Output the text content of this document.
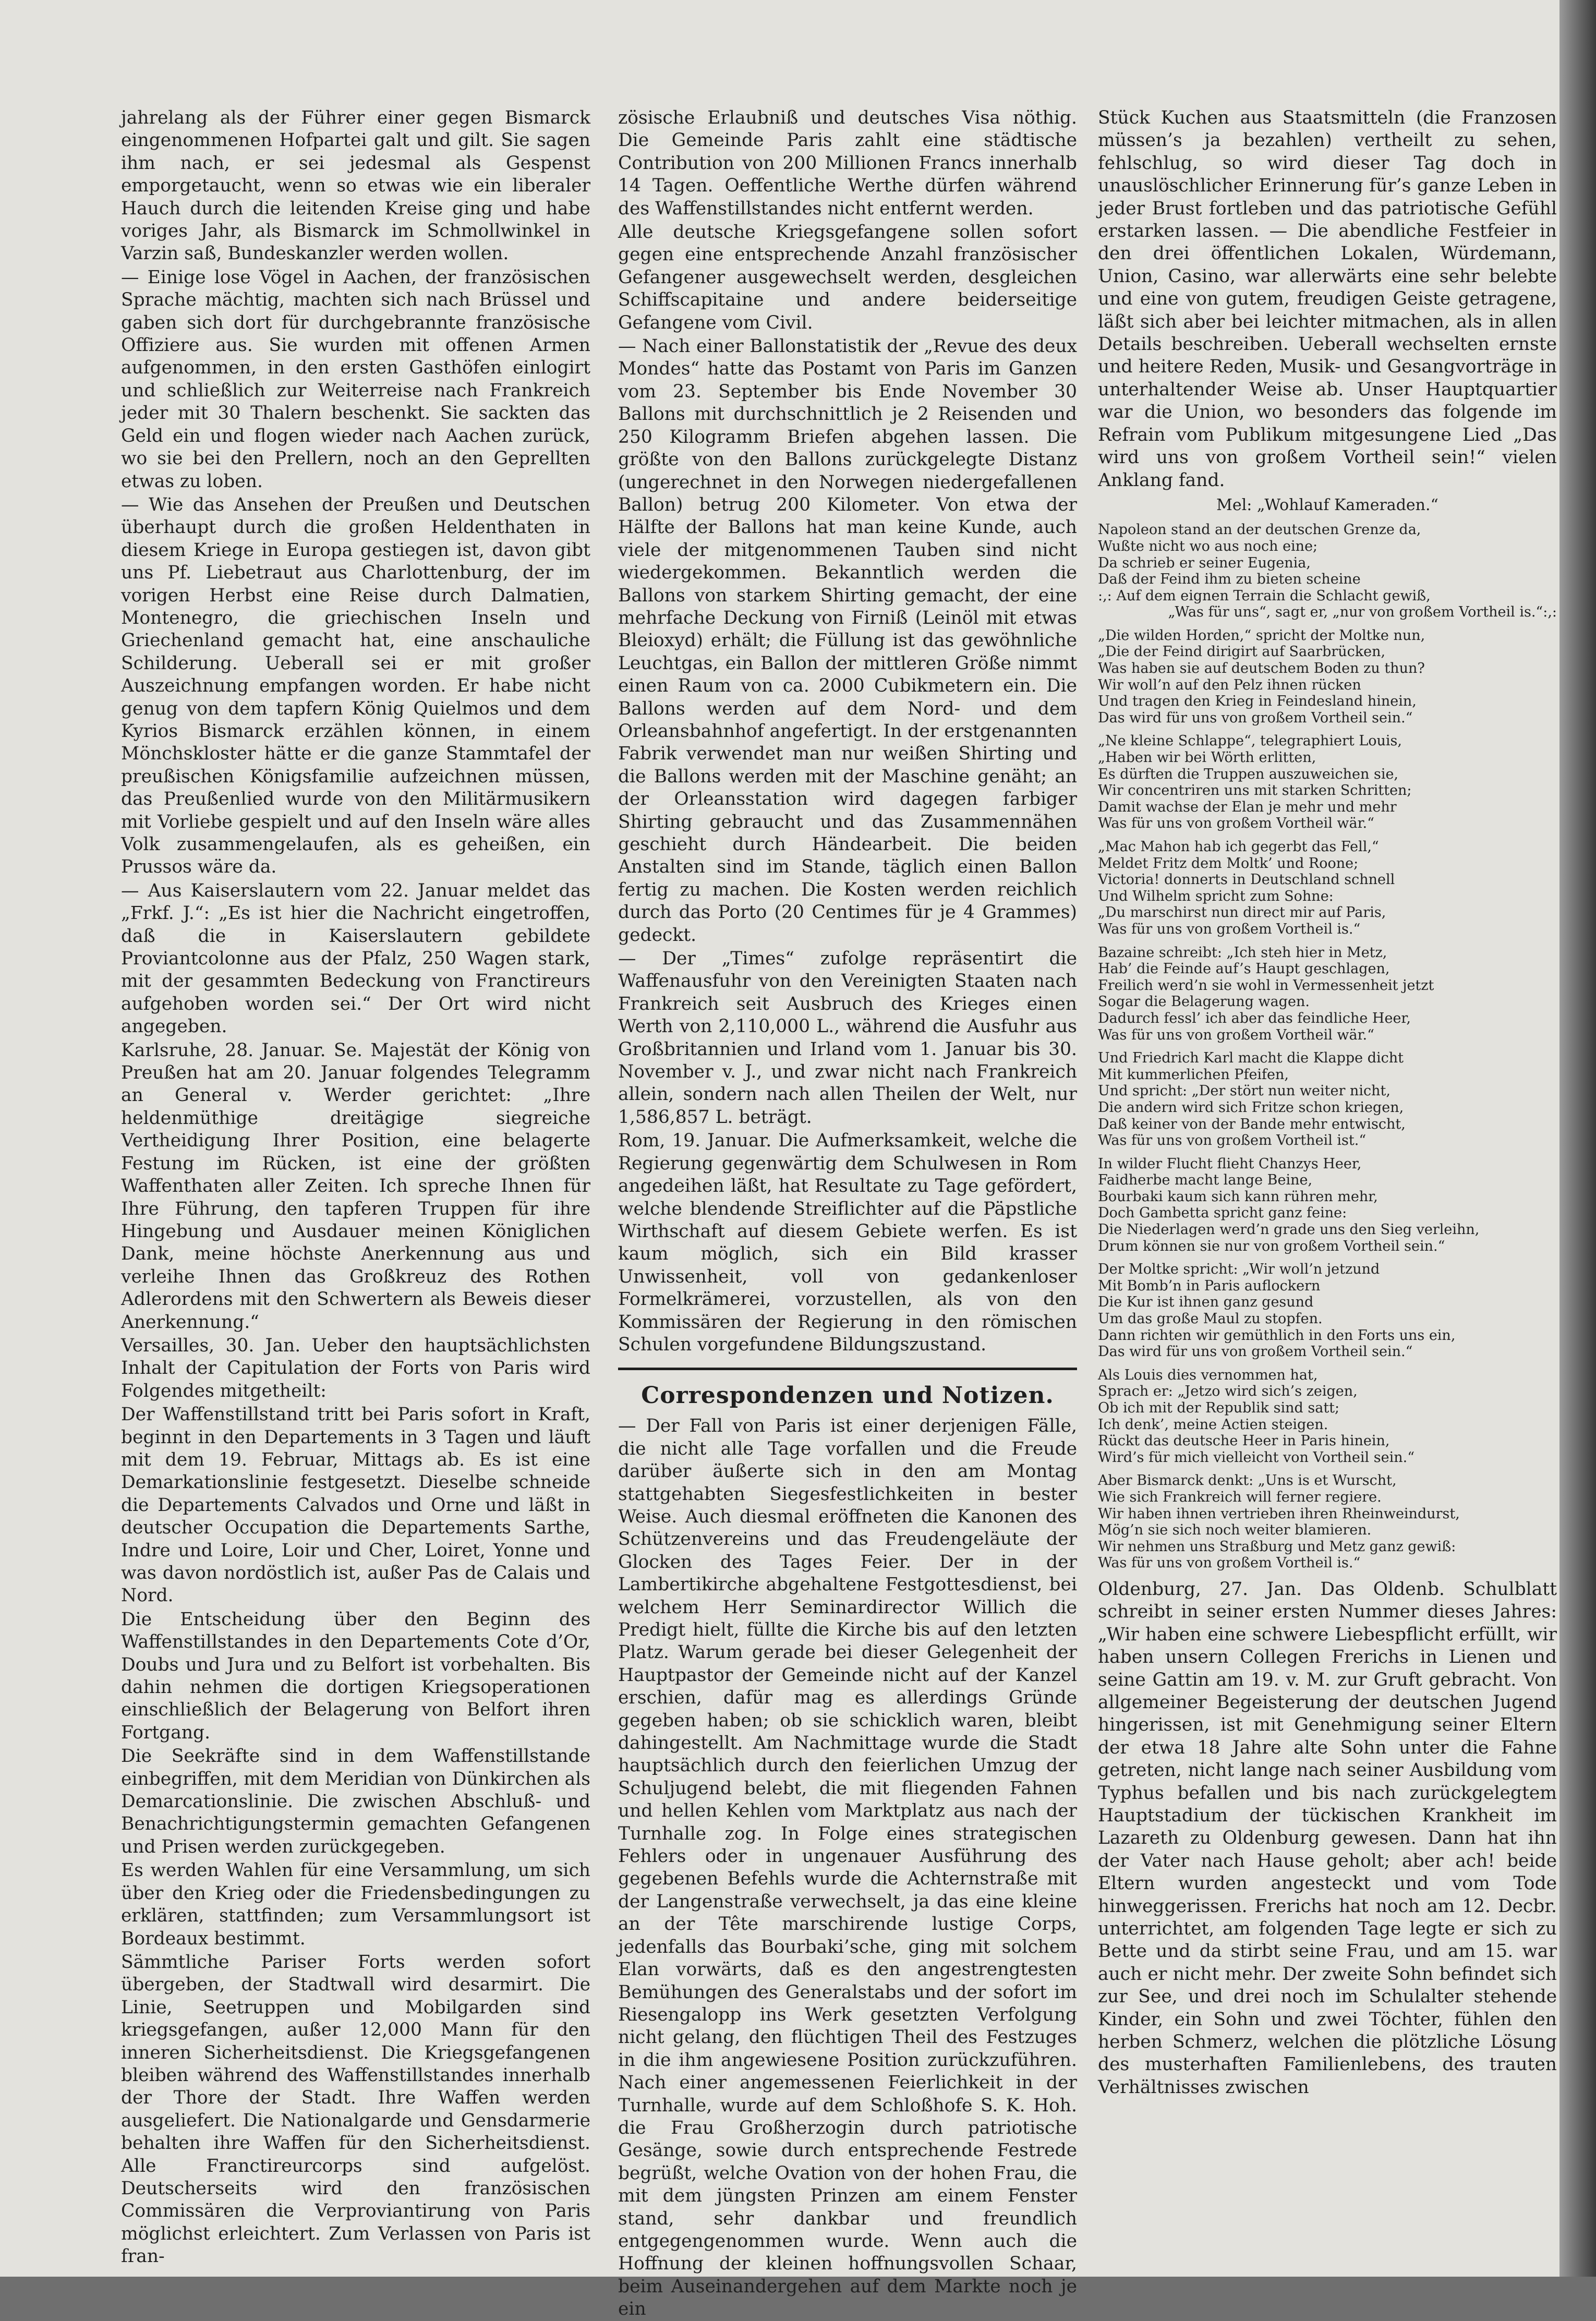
jahrelang als der Führer einer gegen Bismarck eingenommenen Hofpartei galt und gilt. Sie sagen ihm nach, er sei jedesmal als Gespenst emporgetaucht, wenn so etwas wie ein liberaler Hauch durch die leitenden Kreise ging und habe voriges Jahr, als Bismarck im Schmollwinkel in Varzin saß, Bundeskanzler werden wollen.

— Einige lose Vögel in Aachen, der französischen Sprache mächtig, machten sich nach Brüssel und gaben sich dort für durchgebrannte französische Offiziere aus. Sie wurden mit offenen Armen aufgenommen, in den ersten Gasthöfen einlogirt und schließlich zur Weiterreise nach Frankreich jeder mit 30 Thalern beschenkt. Sie sackten das Geld ein und flogen wieder nach Aachen zurück, wo sie bei den Prellern, noch an den Geprellten etwas zu loben.

— Wie das Ansehen der Preußen und Deutschen überhaupt durch die großen Heldenthaten in diesem Kriege in Europa gestiegen ist, davon gibt uns Pf. Liebetraut aus Charlottenburg, der im vorigen Herbst eine Reise durch Dalmatien, Montenegro, die griechischen Inseln und Griechenland gemacht hat, eine anschauliche Schilderung. Ueberall sei er mit großer Auszeichnung empfangen worden. Er habe nicht genug von dem tapfern König Quielmos und dem Kyrios Bismarck erzählen können, in einem Mönchskloster hätte er die ganze Stammtafel der preußischen Königsfamilie aufzeichnen müssen, das Preußenlied wurde von den Militärmusikern mit Vorliebe gespielt und auf den Inseln wäre alles Volk zusammengelaufen, als es geheißen, ein Prussos wäre da.

— Aus Kaiserslautern vom 22. Januar meldet das „Frkf. J.“: „Es ist hier die Nachricht eingetroffen, daß die in Kaiserslautern gebildete Proviantcolonne aus der Pfalz, 250 Wagen stark, mit der gesammten Bedeckung von Franctireurs aufgehoben worden sei.“ Der Ort wird nicht angegeben.

Karlsruhe, 28. Januar. Se. Majestät der König von Preußen hat am 20. Januar folgendes Telegramm an General v. Werder gerichtet: „Ihre heldenmüthige dreitägige siegreiche Vertheidigung Ihrer Position, eine belagerte Festung im Rücken, ist eine der größten Waffenthaten aller Zeiten. Ich spreche Ihnen für Ihre Führung, den tapferen Truppen für ihre Hingebung und Ausdauer meinen Königlichen Dank, meine höchste Anerkennung aus und verleihe Ihnen das Großkreuz des Rothen Adlerordens mit den Schwertern als Beweis dieser Anerkennung.“

Versailles, 30. Jan. Ueber den hauptsächlichsten Inhalt der Capitulation der Forts von Paris wird Folgendes mitgetheilt:

Der Waffenstillstand tritt bei Paris sofort in Kraft, beginnt in den Departements in 3 Tagen und läuft mit dem 19. Februar, Mittags ab. Es ist eine Demarkationslinie festgesetzt. Dieselbe schneide die Departements Calvados und Orne und läßt in deutscher Occupation die Departements Sarthe, Indre und Loire, Loir und Cher, Loiret, Yonne und was davon nordöstlich ist, außer Pas de Calais und Nord.

Die Entscheidung über den Beginn des Waffenstillstandes in den Departements Cote d’Or, Doubs und Jura und zu Belfort ist vorbehalten. Bis dahin nehmen die dortigen Kriegsoperationen einschließlich der Belagerung von Belfort ihren Fortgang.

Die Seekräfte sind in dem Waffenstillstande einbegriffen, mit dem Meridian von Dünkirchen als Demarcationslinie. Die zwischen Abschluß- und Benachrichtigungstermin gemachten Gefangenen und Prisen werden zurückgegeben.

Es werden Wahlen für eine Versammlung, um sich über den Krieg oder die Friedensbedingungen zu erklären, stattfinden; zum Versammlungsort ist Bordeaux bestimmt.

Sämmtliche Pariser Forts werden sofort übergeben, der Stadtwall wird desarmirt. Die Linie, Seetruppen und Mobilgarden sind kriegsgefangen, außer 12,000 Mann für den inneren Sicherheitsdienst. Die Kriegsgefangenen bleiben während des Waffenstillstandes innerhalb der Thore der Stadt. Ihre Waffen werden ausgeliefert. Die Nationalgarde und Gensdarmerie behalten ihre Waffen für den Sicherheitsdienst. Alle Franctireurcorps sind aufgelöst. Deutscherseits wird den französischen Commissären die Verproviantirung von Paris möglichst erleichtert. Zum Verlassen von Paris ist fran-

zösische Erlaubniß und deutsches Visa nöthig. Die Gemeinde Paris zahlt eine städtische Contribution von 200 Millionen Francs innerhalb 14 Tagen. Oeffentliche Werthe dürfen während des Waffenstillstandes nicht entfernt werden.

Alle deutsche Kriegsgefangene sollen sofort gegen eine entsprechende Anzahl französischer Gefangener ausgewechselt werden, desgleichen Schiffscapitaine und andere beiderseitige Gefangene vom Civil.

— Nach einer Ballonstatistik der „Revue des deux Mondes“ hatte das Postamt von Paris im Ganzen vom 23. September bis Ende November 30 Ballons mit durchschnittlich je 2 Reisenden und 250 Kilogramm Briefen abgehen lassen. Die größte von den Ballons zurückgelegte Distanz (ungerechnet in den Norwegen niedergefallenen Ballon) betrug 200 Kilometer. Von etwa der Hälfte der Ballons hat man keine Kunde, auch viele der mitgenommenen Tauben sind nicht wiedergekommen. Bekanntlich werden die Ballons von starkem Shirting gemacht, der eine mehrfache Deckung von Firniß (Leinöl mit etwas Bleioxyd) erhält; die Füllung ist das gewöhnliche Leuchtgas, ein Ballon der mittleren Größe nimmt einen Raum von ca. 2000 Cubikmetern ein. Die Ballons werden auf dem Nord- und dem Orleansbahnhof angefertigt. In der erstgenannten Fabrik verwendet man nur weißen Shirting und die Ballons werden mit der Maschine genäht; an der Orleansstation wird dagegen farbiger Shirting gebraucht und das Zusammennähen geschieht durch Händearbeit. Die beiden Anstalten sind im Stande, täglich einen Ballon fertig zu machen. Die Kosten werden reichlich durch das Porto (20 Centimes für je 4 Grammes) gedeckt.

— Der „Times“ zufolge repräsentirt die Waffenausfuhr von den Vereinigten Staaten nach Frankreich seit Ausbruch des Krieges einen Werth von 2,110,000 L., während die Ausfuhr aus Großbritannien und Irland vom 1. Januar bis 30. November v. J., und zwar nicht nach Frankreich allein, sondern nach allen Theilen der Welt, nur 1,586,857 L. beträgt.

Rom, 19. Januar. Die Aufmerksamkeit, welche die Regierung gegenwärtig dem Schulwesen in Rom angedeihen läßt, hat Resultate zu Tage gefördert, welche blendende Streiflichter auf die Päpstliche Wirthschaft auf diesem Gebiete werfen. Es ist kaum möglich, sich ein Bild krasser Unwissenheit, voll von gedankenloser Formelkrämerei, vorzustellen, als von den Kommissären der Regierung in den römischen Schulen vorgefundene Bildungszustand.

Correspondenzen und Notizen.

— Der Fall von Paris ist einer derjenigen Fälle, die nicht alle Tage vorfallen und die Freude darüber äußerte sich in den am Montag stattgehabten Siegesfestlichkeiten in bester Weise. Auch diesmal eröffneten die Kanonen des Schützenvereins und das Freudengeläute der Glocken des Tages Feier. Der in der Lambertikirche abgehaltene Festgottesdienst, bei welchem Herr Seminardirector Willich die Predigt hielt, füllte die Kirche bis auf den letzten Platz. Warum gerade bei dieser Gelegenheit der Hauptpastor der Gemeinde nicht auf der Kanzel erschien, dafür mag es allerdings Gründe gegeben haben; ob sie schicklich waren, bleibt dahingestellt. Am Nachmittage wurde die Stadt hauptsächlich durch den feierlichen Umzug der Schuljugend belebt, die mit fliegenden Fahnen und hellen Kehlen vom Marktplatz aus nach der Turnhalle zog. In Folge eines strategischen Fehlers oder in ungenauer Ausführung des gegebenen Befehls wurde die Achternstraße mit der Langenstraße verwechselt, ja das eine kleine an der Tête marschirende lustige Corps, jedenfalls das Bourbaki’sche, ging mit solchem Elan vorwärts, daß es den angestrengtesten Bemühungen des Generalstabs und der sofort im Riesengalopp ins Werk gesetzten Verfolgung nicht gelang, den flüchtigen Theil des Festzuges in die ihm angewiesene Position zurückzuführen. Nach einer angemessenen Feierlichkeit in der Turnhalle, wurde auf dem Schloßhofe S. K. Hoh. die Frau Großherzogin durch patriotische Gesänge, sowie durch entsprechende Festrede begrüßt, welche Ovation von der hohen Frau, die mit dem jüngsten Prinzen am einem Fenster stand, sehr dankbar und freundlich entgegengenommen wurde. Wenn auch die Hoffnung der kleinen hoffnungsvollen Schaar, beim Auseinandergehen auf dem Markte noch je ein

Stück Kuchen aus Staatsmitteln (die Franzosen müssen’s ja bezahlen) vertheilt zu sehen, fehlschlug, so wird dieser Tag doch in unauslöschlicher Erinnerung für’s ganze Leben in jeder Brust fortleben und das patriotische Gefühl erstarken lassen. — Die abendliche Festfeier in den drei öffentlichen Lokalen, Würdemann, Union, Casino, war allerwärts eine sehr belebte und eine von gutem, freudigen Geiste getragene, läßt sich aber bei leichter mitmachen, als in allen Details beschreiben. Ueberall wechselten ernste und heitere Reden, Musik- und Gesangvorträge in unterhaltender Weise ab. Unser Hauptquartier war die Union, wo besonders das folgende im Refrain vom Publikum mitgesungene Lied „Das wird uns von großem Vortheil sein!“ vielen Anklang fand.

Mel: „Wohlauf Kameraden.“
Napoleon stand an der deutschen Grenze da,
Wußte nicht wo aus noch eine;
Da schrieb er seiner Eugenia,
Daß der Feind ihm zu bieten scheine
:,: Auf dem eignen Terrain die Schlacht gewiß,
„Was für uns“, sagt er, „nur von großem Vortheil is.“:,:
„Die wilden Horden,“ spricht der Moltke nun,
„Die der Feind dirigirt auf Saarbrücken,
Was haben sie auf deutschem Boden zu thun?
Wir woll’n auf den Pelz ihnen rücken
Und tragen den Krieg in Feindesland hinein,
Das wird für uns von großem Vortheil sein.“
„Ne kleine Schlappe“, telegraphiert Louis,
„Haben wir bei Wörth erlitten,
Es dürften die Truppen auszuweichen sie,
Wir concentriren uns mit starken Schritten;
Damit wachse der Elan je mehr und mehr
Was für uns von großem Vortheil wär.“
„Mac Mahon hab ich gegerbt das Fell,“
Meldet Fritz dem Moltk’ und Roone;
Victoria! donnerts in Deutschland schnell
Und Wilhelm spricht zum Sohne:
„Du marschirst nun direct mir auf Paris,
Was für uns von großem Vortheil is.“
Bazaine schreibt: „Ich steh hier in Metz,
Hab’ die Feinde auf’s Haupt geschlagen,
Freilich werd’n sie wohl in Vermessenheit jetzt
Sogar die Belagerung wagen.
Dadurch fessl’ ich aber das feindliche Heer,
Was für uns von großem Vortheil wär.“
Und Friedrich Karl macht die Klappe dicht
Mit kummerlichen Pfeifen,
Und spricht: „Der stört nun weiter nicht,
Die andern wird sich Fritze schon kriegen,
Daß keiner von der Bande mehr entwischt,
Was für uns von großem Vortheil ist.“
In wilder Flucht flieht Chanzys Heer,
Faidherbe macht lange Beine,
Bourbaki kaum sich kann rühren mehr,
Doch Gambetta spricht ganz feine:
Die Niederlagen werd’n grade uns den Sieg verleihn,
Drum können sie nur von großem Vortheil sein.“
Der Moltke spricht: „Wir woll’n jetzund
Mit Bomb’n in Paris auflockern
Die Kur ist ihnen ganz gesund
Um das große Maul zu stopfen.
Dann richten wir gemüthlich in den Forts uns ein,
Das wird für uns von großem Vortheil sein.“
Als Louis dies vernommen hat,
Sprach er: „Jetzo wird sich’s zeigen,
Ob ich mit der Republik sind satt;
Ich denk’, meine Actien steigen.
Rückt das deutsche Heer in Paris hinein,
Wird’s für mich vielleicht von Vortheil sein.“
Aber Bismarck denkt: „Uns is et Wurscht,
Wie sich Frankreich will ferner regiere.
Wir haben ihnen vertrieben ihren Rheinweindurst,
Mög’n sie sich noch weiter blamieren.
Wir nehmen uns Straßburg und Metz ganz gewiß:
Was für uns von großem Vortheil is.“

Oldenburg, 27. Jan. Das Oldenb. Schulblatt schreibt in seiner ersten Nummer dieses Jahres: „Wir haben eine schwere Liebespflicht erfüllt, wir haben unsern Collegen Frerichs in Lienen und seine Gattin am 19. v. M. zur Gruft gebracht. Von allgemeiner Begeisterung der deutschen Jugend hingerissen, ist mit Genehmigung seiner Eltern der etwa 18 Jahre alte Sohn unter die Fahne getreten, nicht lange nach seiner Ausbildung vom Typhus befallen und bis nach zurückgelegtem Hauptstadium der tückischen Krankheit im Lazareth zu Oldenburg gewesen. Dann hat ihn der Vater nach Hause geholt; aber ach! beide Eltern wurden angesteckt und vom Tode hinweggerissen. Frerichs hat noch am 12. Decbr. unterrichtet, am folgenden Tage legte er sich zu Bette und da stirbt seine Frau, und am 15. war auch er nicht mehr. Der zweite Sohn befindet sich zur See, und drei noch im Schulalter stehende Kinder, ein Sohn und zwei Töchter, fühlen den herben Schmerz, welchen die plötzliche Lösung des musterhaften Familienlebens, des trauten Verhältnisses zwischen
